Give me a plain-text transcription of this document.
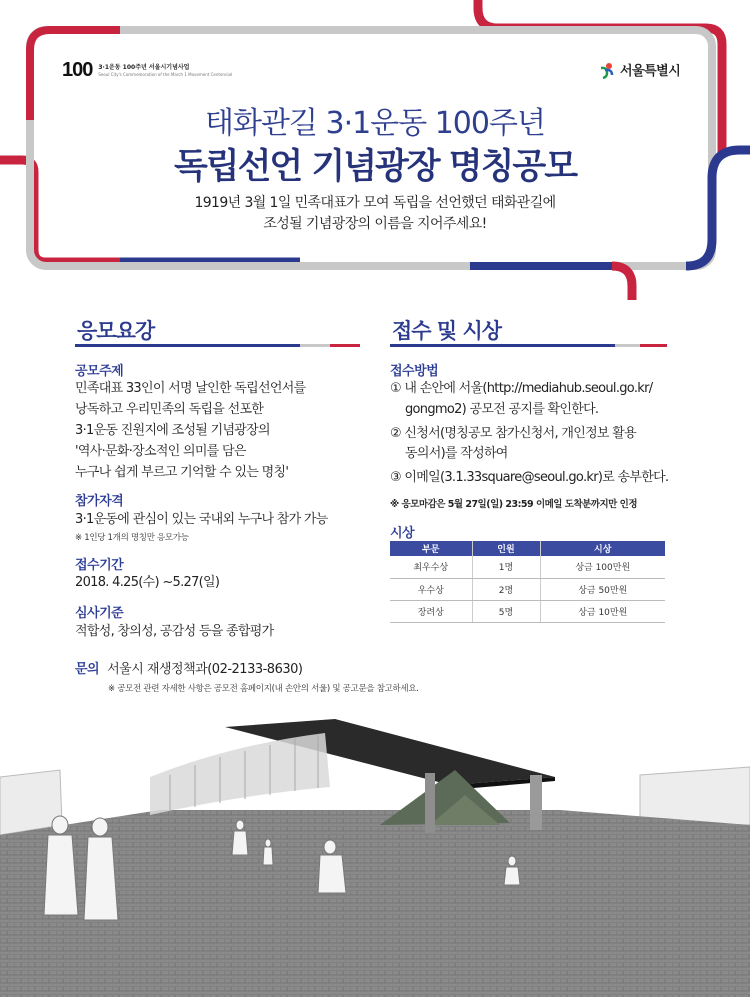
100 3·1운동 100주년 서울시기념사업
Seoul City's Commemoration of the March 1 Movement Centennial	서울특별시
태화관길 3·1운동 100주년
독립선언 기념광장 명칭공모
1919년 3월 1일 민족대표가 모여 독립을 선언했던 태화관길에
조성될 기념광장의 이름을 지어주세요!
응모요강
공모주제
민족대표 33인이 서명 날인한 독립선언서를
낭독하고 우리민족의 독립을 선포한
3·1운동 진원지에 조성될 기념광장의
'역사·문화·장소적인 의미를 담은
누구나 쉽게 부르고 기억할 수 있는 명칭'
참가자격
3·1운동에 관심이 있는 국내외 누구나 참가 가능
※ 1인당 1개의 명칭만 응모가능
접수기간
2018. 4.25(수) ~5.27(일)
심사기준
적합성, 창의성, 공감성 등을 종합평가
접수 및 시상
접수방법
① 내 손안에 서울(http://mediahub.seoul.go.kr/
gongmo2) 공모전 공지를 확인한다.
② 신청서(명칭공모 참가신청서, 개인정보 활용
동의서)를 작성하여
③ 이메일(3.1.33square@seoul.go.kr)로 송부한다.
※ 응모마감은 5월 27일(일) 23:59 이메일 도착분까지만 인정
시상
부문	인원	시상
최우수상	1명	상금 100만원
우수상	2명	상금 50만원
장려상	5명	상금 10만원
문의 서울시 재생정책과(02-2133-8630)
※ 공모전 관련 자세한 사항은 공모전 홈페이지(내 손안의 서울) 및 공고문을 참고하세요.
